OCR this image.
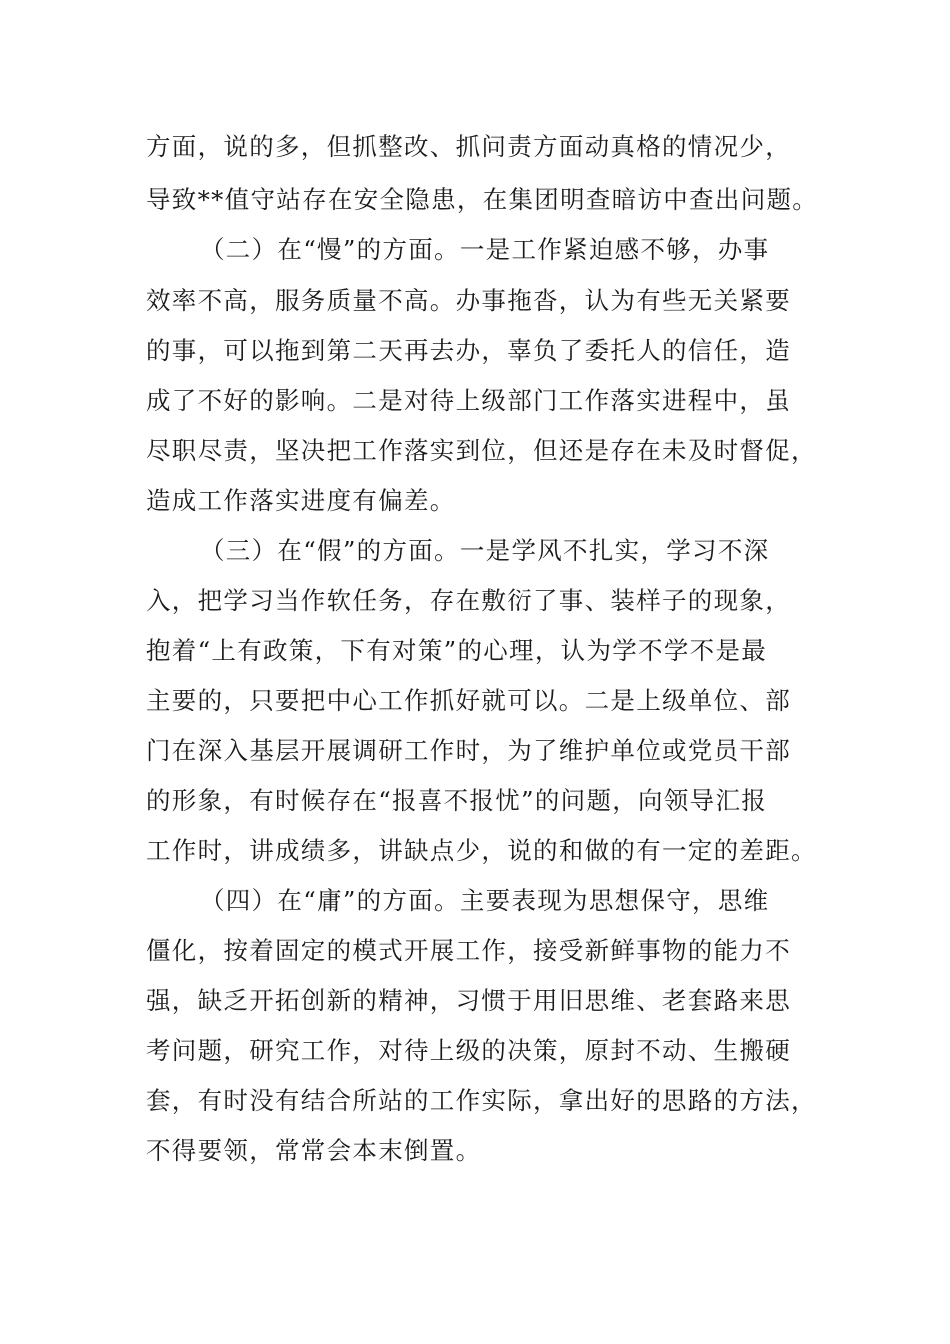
方面，说的多，但抓整改、抓问责方面动真格的情况少，

导致**值守站存在安全隐患，在集团明查暗访中查出问题。

（二）在“慢”的方面。一是工作紧迫感不够，办事

效率不高，服务质量不高。办事拖沓，认为有些无关紧要

的事，可以拖到第二天再去办，辜负了委托人的信任，造

成了不好的影响。二是对待上级部门工作落实进程中，虽

尽职尽责，坚决把工作落实到位，但还是存在未及时督促，

造成工作落实进度有偏差。

（三）在“假”的方面。一是学风不扎实，学习不深

入，把学习当作软任务，存在敷衍了事、装样子的现象，

抱着“上有政策，下有对策”的心理，认为学不学不是最

主要的，只要把中心工作抓好就可以。二是上级单位、部

门在深入基层开展调研工作时，为了维护单位或党员干部

的形象，有时候存在“报喜不报忧”的问题，向领导汇报

工作时，讲成绩多，讲缺点少，说的和做的有一定的差距。

（四）在“庸”的方面。主要表现为思想保守，思维

僵化，按着固定的模式开展工作，接受新鲜事物的能力不

强，缺乏开拓创新的精神，习惯于用旧思维、老套路来思

考问题，研究工作，对待上级的决策，原封不动、生搬硬

套，有时没有结合所站的工作实际，拿出好的思路的方法，

不得要领，常常会本末倒置。
